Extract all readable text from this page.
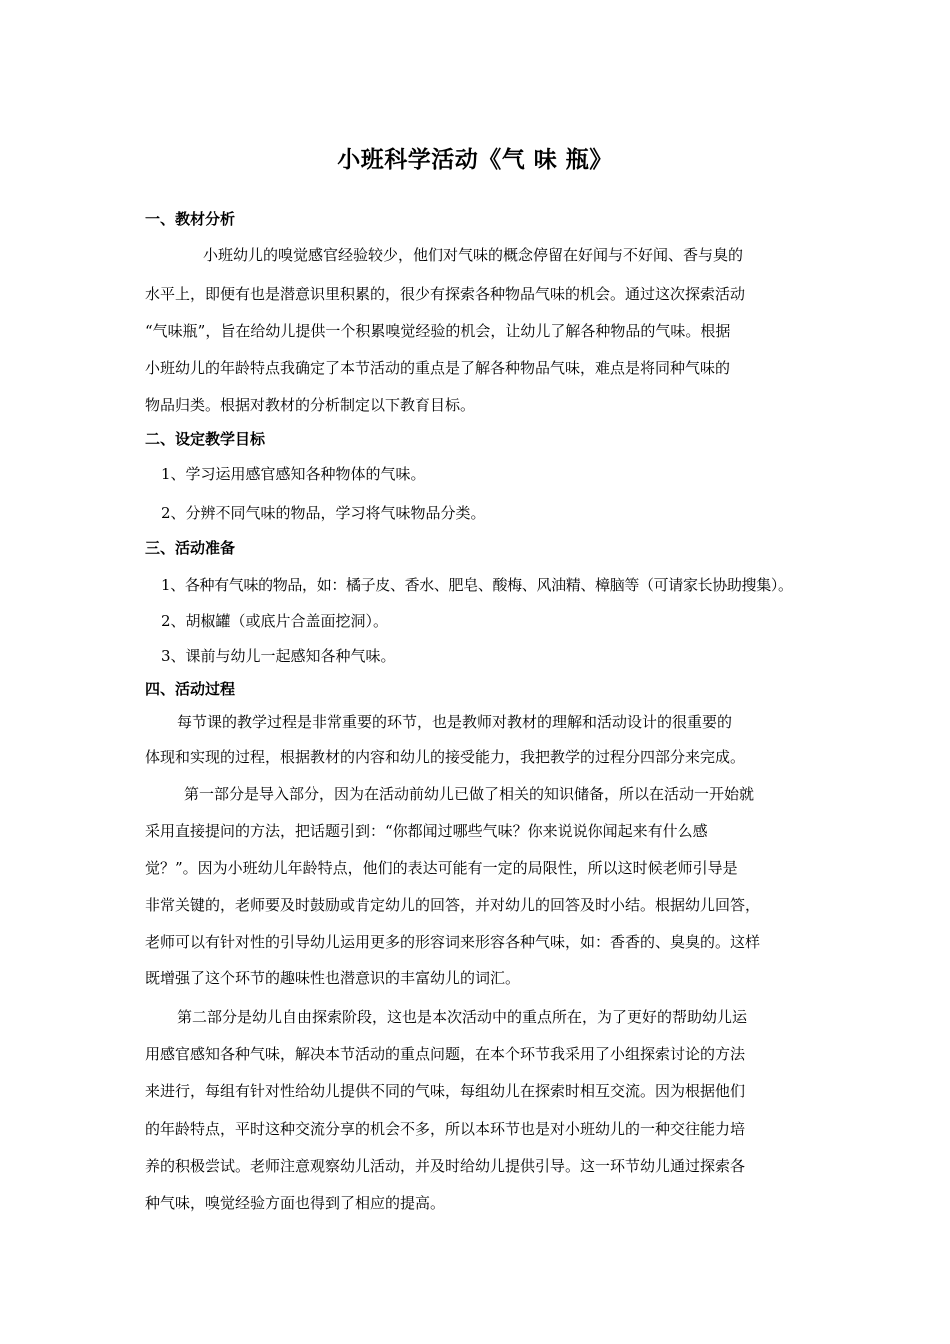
小班科学活动《气 味 瓶》
一、教材分析
小班幼儿的嗅觉感官经验较少，他们对气味的概念停留在好闻与不好闻、香与臭的
水平上，即便有也是潜意识里积累的，很少有探索各种物品气味的机会。通过这次探索活动
“气味瓶”，旨在给幼儿提供一个积累嗅觉经验的机会，让幼儿了解各种物品的气味。根据
小班幼儿的年龄特点我确定了本节活动的重点是了解各种物品气味，难点是将同种气味的
物品归类。根据对教材的分析制定以下教育目标。
二、设定教学目标
1、学习运用感官感知各种物体的气味。
2、分辨不同气味的物品，学习将气味物品分类。
三、活动准备
1、各种有气味的物品，如：橘子皮、香水、肥皂、酸梅、风油精、樟脑等（可请家长协助搜集）。
2、胡椒罐（或底片合盖面挖洞）。
3、课前与幼儿一起感知各种气味。
四、活动过程
每节课的教学过程是非常重要的环节，也是教师对教材的理解和活动设计的很重要的
体现和实现的过程，根据教材的内容和幼儿的接受能力，我把教学的过程分四部分来完成。
第一部分是导入部分，因为在活动前幼儿已做了相关的知识储备，所以在活动一开始就
采用直接提问的方法，把话题引到：“你都闻过哪些气味？你来说说你闻起来有什么感
觉？”。因为小班幼儿年龄特点，他们的表达可能有一定的局限性，所以这时候老师引导是
非常关键的，老师要及时鼓励或肯定幼儿的回答，并对幼儿的回答及时小结。根据幼儿回答，
老师可以有针对性的引导幼儿运用更多的形容词来形容各种气味，如：香香的、臭臭的。这样
既增强了这个环节的趣味性也潜意识的丰富幼儿的词汇。
第二部分是幼儿自由探索阶段，这也是本次活动中的重点所在，为了更好的帮助幼儿运
用感官感知各种气味，解决本节活动的重点问题，在本个环节我采用了小组探索讨论的方法
来进行，每组有针对性给幼儿提供不同的气味，每组幼儿在探索时相互交流。因为根据他们
的年龄特点，平时这种交流分享的机会不多，所以本环节也是对小班幼儿的一种交往能力培
养的积极尝试。老师注意观察幼儿活动，并及时给幼儿提供引导。这一环节幼儿通过探索各
种气味，嗅觉经验方面也得到了相应的提高。
